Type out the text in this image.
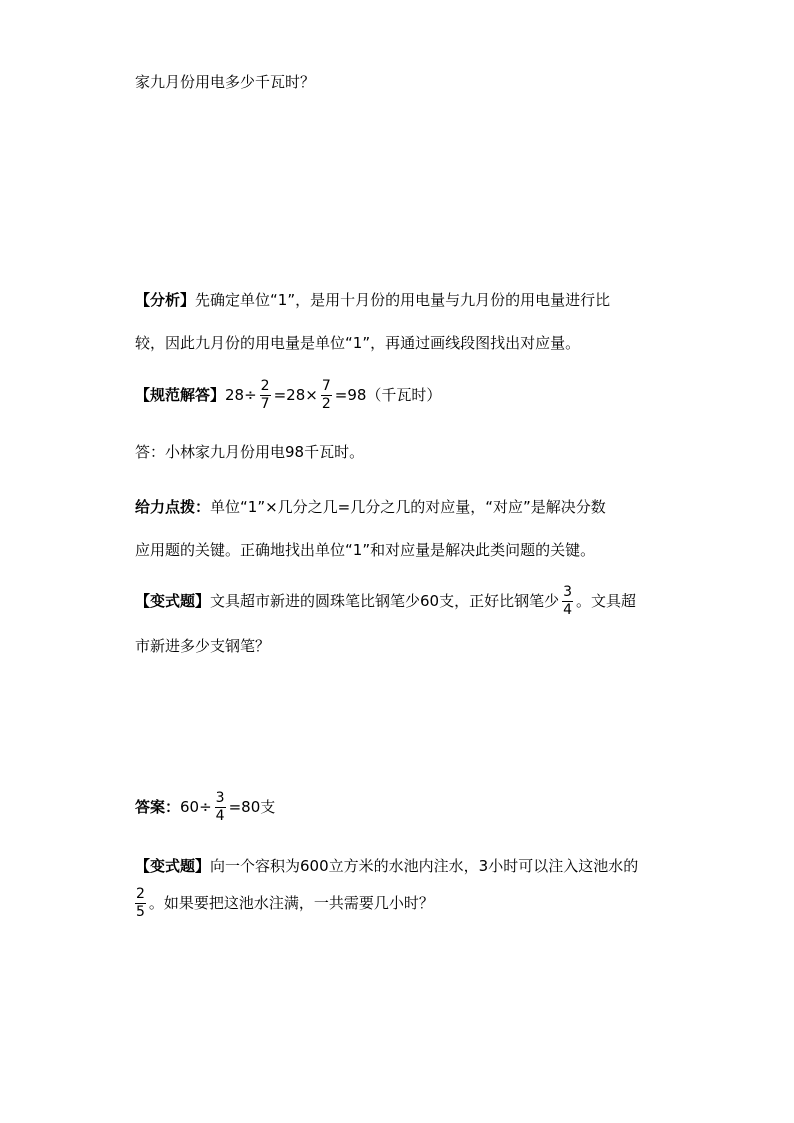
家九月份用电多少千瓦时？
【分析】先确定单位“1”，是用十月份的用电量与九月份的用电量进行比
较，因此九月份的用电量是单位“1”，再通过画线段图找出对应量。
【规范解答】$28\div \frac{2}{7} =28\times \frac{7}{2} =98$（千瓦时）
答：小林家九月份用电98千瓦时。
给力点拨：单位“1”×几分之几=几分之几的对应量，“对应”是解决分数
应用题的关键。正确地找出单位“1”和对应量是解决此类问题的关键。
【变式题】文具超市新进的圆珠笔比钢笔少60支，正好比钢笔少 $\frac{3}{4}$ 。文具超
市新进多少支钢笔？
答案：$60\div \frac{3}{4} =80$支
【变式题】向一个容积为600立方米的水池内注水，3小时可以注入这池水的
$\frac{2}{5}$ 。如果要把这池水注满，一共需要几小时？
